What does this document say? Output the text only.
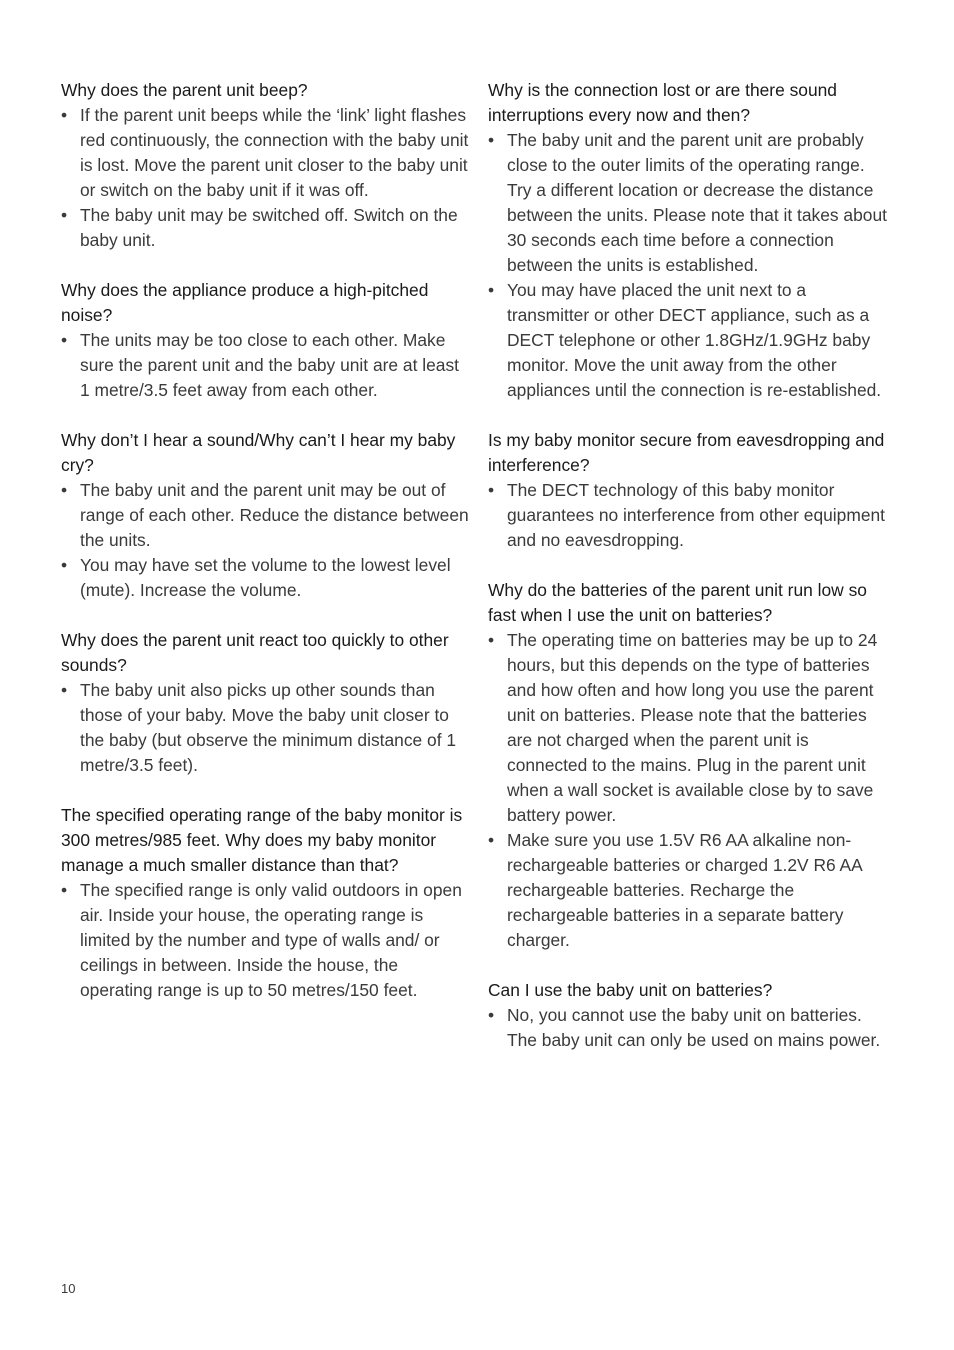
Why does the parent unit beep?

• If the parent unit beeps while the ‘link’ light flashes red continuously, the connection with the baby unit is lost. Move the parent unit closer to the baby unit or switch on the baby unit if it was off.
• The baby unit may be switched off. Switch on the baby unit.

Why does the appliance produce a high-pitched noise?

• The units may be too close to each other. Make sure the parent unit and the baby unit are at least 1 metre/3.5 feet away from each other.

Why don’t I hear a sound/Why can’t I hear my baby cry?

• The baby unit and the parent unit may be out of range of each other. Reduce the distance between the units.
• You may have set the volume to the lowest level (mute). Increase the volume.

Why does the parent unit react too quickly to other sounds?

• The baby unit also picks up other sounds than those of your baby. Move the baby unit closer to the baby (but observe the minimum distance of 1 metre/3.5 feet).

The specified operating range of the baby monitor is 300 metres/985 feet. Why does my baby monitor manage a much smaller distance than that?

• The specified range is only valid outdoors in open air. Inside your house, the operating range is limited by the number and type of walls and/ or ceilings in between. Inside the house, the operating range is up to 50 metres/150 feet.

Why is the connection lost or are there sound interruptions every now and then?

• The baby unit and the parent unit are probably close to the outer limits of the operating range. Try a different location or decrease the distance between the units. Please note that it takes about 30 seconds each time before a connection between the units is established.
• You may have placed the unit next to a transmitter or other DECT appliance, such as a DECT telephone or other 1.8GHz/1.9GHz baby monitor. Move the unit away from the other appliances until the connection is re-established.

Is my baby monitor secure from eavesdropping and interference?

• The DECT technology of this baby monitor guarantees no interference from other equipment and no eavesdropping.

Why do the batteries of the parent unit run low so fast when I use the unit on batteries?

• The operating time on batteries may be up to 24 hours, but this depends on the type of batteries and how often and how long you use the parent unit on batteries. Please note that the batteries are not charged when the parent unit is connected to the mains. Plug in the parent unit when a wall socket is available close by to save battery power.
• Make sure you use 1.5V R6 AA alkaline non-rechargeable batteries or charged 1.2V R6 AA rechargeable batteries. Recharge the rechargeable batteries in a separate battery charger.

Can I use the baby unit on batteries?

• No, you cannot use the baby unit on batteries. The baby unit can only be used on mains power.
10
